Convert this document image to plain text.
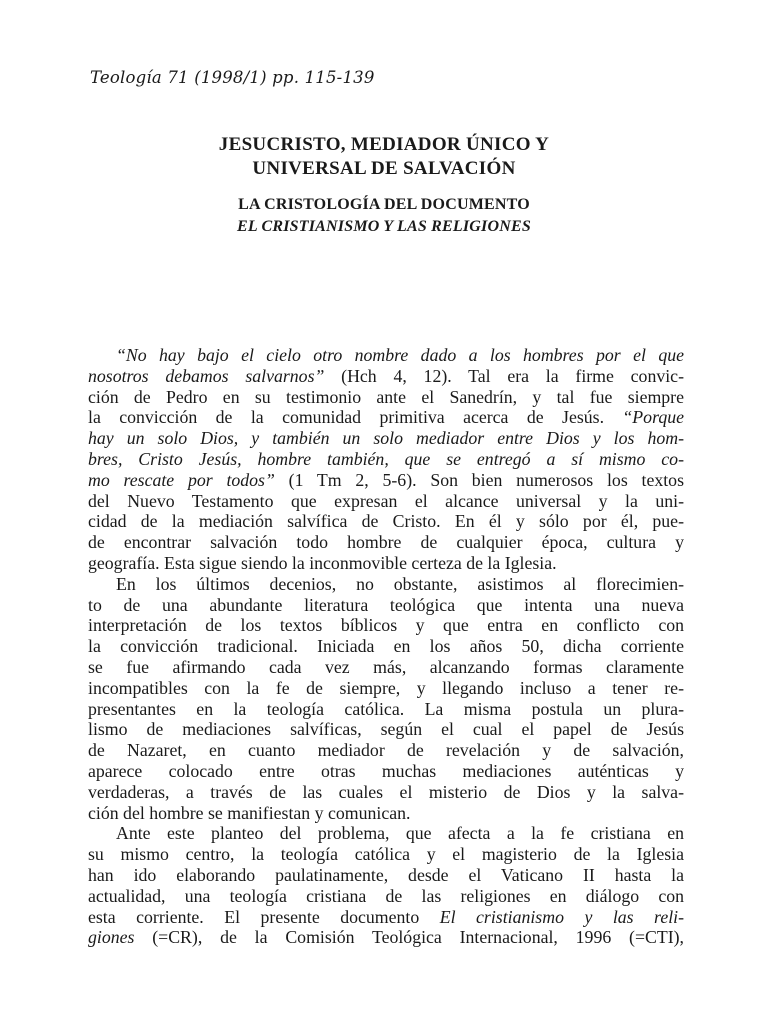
Teología 71 (1998/1) pp. 115-139
JESUCRISTO, MEDIADOR ÚNICO Y
UNIVERSAL DE SALVACIÓN
LA CRISTOLOGÍA DEL DOCUMENTO
EL CRISTIANISMO Y LAS RELIGIONES
“No hay bajo el cielo otro nombre dado a los hombres por el que
nosotros debamos salvarnos” (Hch 4, 12). Tal era la firme convic-
ción de Pedro en su testimonio ante el Sanedrín, y tal fue siempre
la convicción de la comunidad primitiva acerca de Jesús. “Porque
hay un solo Dios, y también un solo mediador entre Dios y los hom-
bres, Cristo Jesús, hombre también, que se entregó a sí mismo co-
mo rescate por todos” (1 Tm 2, 5-6). Son bien numerosos los textos
del Nuevo Testamento que expresan el alcance universal y la uni-
cidad de la mediación salvífica de Cristo. En él y sólo por él, pue-
de encontrar salvación todo hombre de cualquier época, cultura y
geografía. Esta sigue siendo la inconmovible certeza de la Iglesia.
En los últimos decenios, no obstante, asistimos al florecimien-
to de una abundante literatura teológica que intenta una nueva
interpretación de los textos bíblicos y que entra en conflicto con
la convicción tradicional. Iniciada en los años 50, dicha corriente
se fue afirmando cada vez más, alcanzando formas claramente
incompatibles con la fe de siempre, y llegando incluso a tener re-
presentantes en la teología católica. La misma postula un plura-
lismo de mediaciones salvíficas, según el cual el papel de Jesús
de Nazaret, en cuanto mediador de revelación y de salvación,
aparece colocado entre otras muchas mediaciones auténticas y
verdaderas, a través de las cuales el misterio de Dios y la salva-
ción del hombre se manifiestan y comunican.
Ante este planteo del problema, que afecta a la fe cristiana en
su mismo centro, la teología católica y el magisterio de la Iglesia
han ido elaborando paulatinamente, desde el Vaticano II hasta la
actualidad, una teología cristiana de las religiones en diálogo con
esta corriente. El presente documento El cristianismo y las reli-
giones (=CR), de la Comisión Teológica Internacional, 1996 (=CTI),
